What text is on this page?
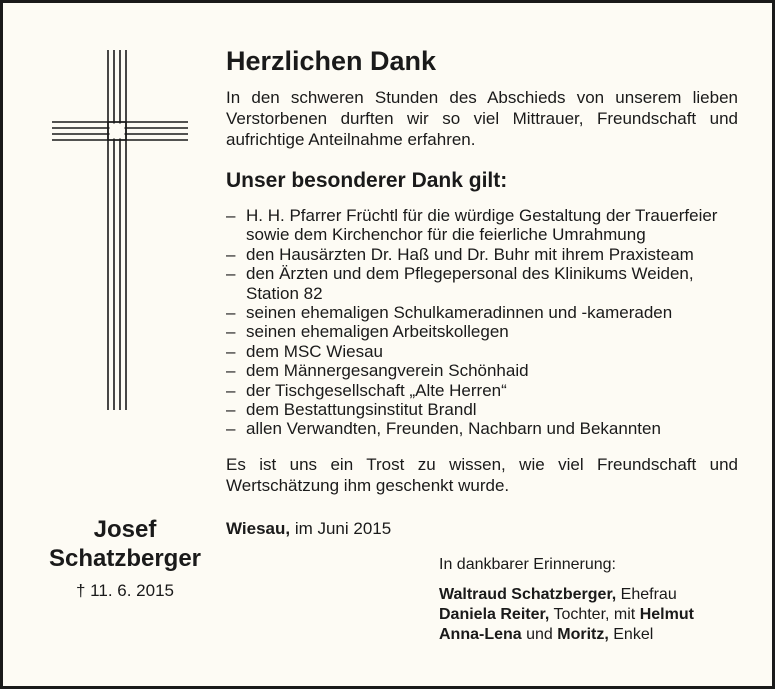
Josef
Schatzberger
† 11. 6. 2015
Herzlichen Dank

In den schweren Stunden des Abschieds von unserem lieben Verstorbenen durften wir so viel Mittrauer, Freundschaft und aufrichtige Anteilnahme erfahren.

Unser besonderer Dank gilt:
– H. H. Pfarrer Früchtl für die würdige Gestaltung der Trauerfeier sowie dem Kirchenchor für die feierliche Umrahmung
– den Hausärzten Dr. Haß und Dr. Buhr mit ihrem Praxisteam
– den Ärzten und dem Pflegepersonal des Klinikums Weiden, Station 82
– seinen ehemaligen Schulkameradinnen und -kameraden
– seinen ehemaligen Arbeitskollegen
– dem MSC Wiesau
– dem Männergesangverein Schönhaid
– der Tischgesellschaft „Alte Herren“
– dem Bestattungsinstitut Brandl
– allen Verwandten, Freunden, Nachbarn und Bekannten

Es ist uns ein Trost zu wissen, wie viel Freundschaft und Wertschätzung ihm geschenkt wurde.

Wiesau, im Juni 2015
In dankbarer Erinnerung:
Waltraud Schatzberger, Ehefrau
Daniela Reiter, Tochter, mit Helmut
Anna-Lena und Moritz, Enkel
